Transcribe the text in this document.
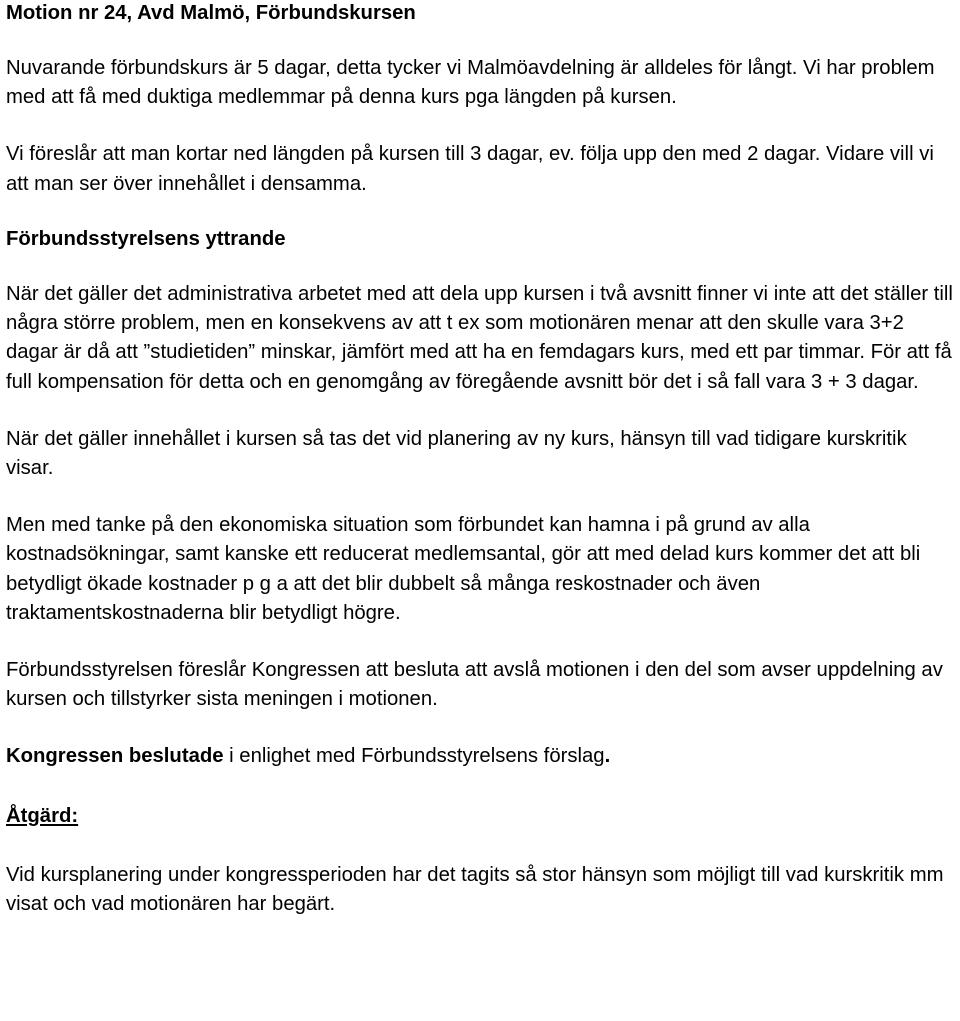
Motion nr 24, Avd Malmö, Förbundskursen

Nuvarande förbundskurs är 5 dagar, detta tycker vi Malmöavdelning är alldeles för långt. Vi har problem med att få med duktiga medlemmar på denna kurs pga längden på kursen.

Vi föreslår att man kortar ned längden på kursen till 3 dagar, ev. följa upp den med 2 dagar. Vidare vill vi att man ser över innehållet i densamma.

Förbundsstyrelsens yttrande

När det gäller det administrativa arbetet med att dela upp kursen i två avsnitt finner vi inte att det ställer till några större problem, men en konsekvens av att t ex som motionären menar att den skulle vara 3+2 dagar är då att ”studietiden” minskar, jämfört med att ha en femdagars kurs, med ett par timmar. För att få full kompensation för detta och en genomgång av föregående avsnitt bör det i så fall vara 3 + 3 dagar.

När det gäller innehållet i kursen så tas det vid planering av ny kurs, hänsyn till vad tidigare kurskritik visar.

Men med tanke på den ekonomiska situation som förbundet kan hamna i på grund av alla kostnadsökningar, samt kanske ett reducerat medlemsantal, gör att med delad kurs kommer det att bli betydligt ökade kostnader p g a att det blir dubbelt så många reskostnader och även traktamentskostnaderna blir betydligt högre.

Förbundsstyrelsen föreslår Kongressen att besluta att avslå motionen i den del som avser uppdelning av kursen och tillstyrker sista meningen i motionen.

Kongressen beslutade i enlighet med Förbundsstyrelsens förslag.

Åtgärd:

Vid kursplanering under kongressperioden har det tagits så stor hänsyn som möjligt till vad kurskritik mm visat och vad motionären har begärt.
